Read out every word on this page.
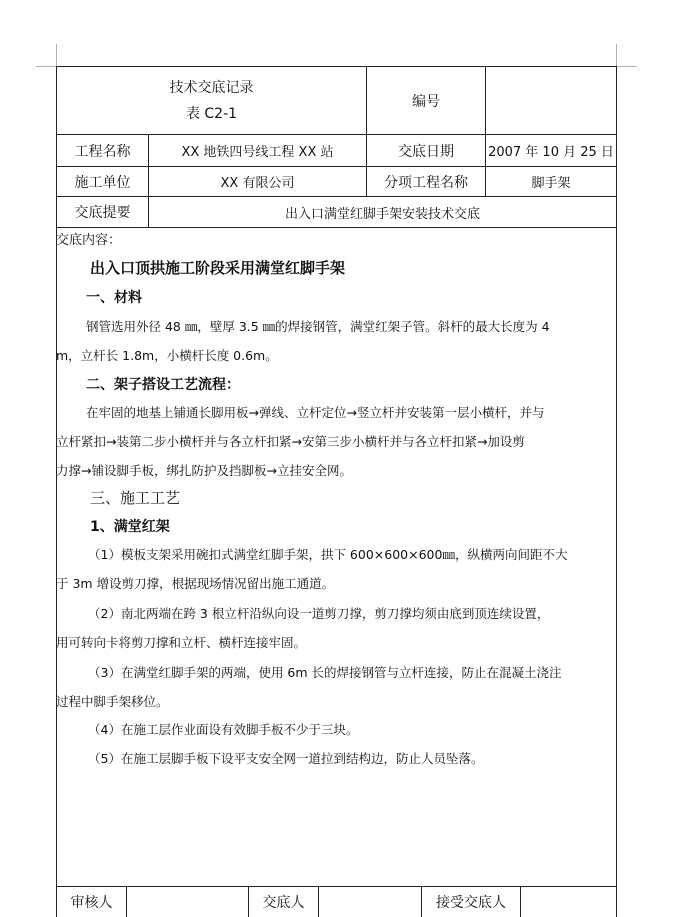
技术交底记录
表 C2-1
编号
工程名称	XX 地铁四号线工程 XX 站	交底日期	2007 年 10 月 25 日
施工单位	XX 有限公司	分项工程名称	脚手架
交底提要	出入口满堂红脚手架安装技术交底
交底内容：
出入口顶拱施工阶段采用满堂红脚手架
一、材料
钢管选用外径 48 ㎜，壁厚 3.5 ㎜的焊接钢管，满堂红架子管。斜杆的最大长度为 4
m，立杆长 1.8m，小横杆长度 0.6m。
二、架子搭设工艺流程：
在牢固的地基上铺通长脚用板→弹线、立杆定位→竖立杆并安装第一层小横杆，并与
立杆紧扣→装第二步小横杆并与各立杆扣紧→安第三步小横杆并与各立杆扣紧→加设剪
力撑→铺设脚手板，绑扎防护及挡脚板→立挂安全网。
三、施工工艺
1、满堂红架
（1）模板支架采用碗扣式满堂红脚手架，拱下 600×600×600㎜，纵横两向间距不大
于 3m 增设剪刀撑，根据现场情况留出施工通道。
（2）南北两端在跨 3 根立杆沿纵向设一道剪刀撑，剪刀撑均须由底到顶连续设置，
用可转向卡将剪刀撑和立杆、横杆连接牢固。
（3）在满堂红脚手架的两端，使用 6m 长的焊接钢管与立杆连接，防止在混凝土浇注
过程中脚手架移位。
（4）在施工层作业面设有效脚手板不少于三块。
（5）在施工层脚手板下设平支安全网一道拉到结构边，防止人员坠落。
审核人	交底人	接受交底人
